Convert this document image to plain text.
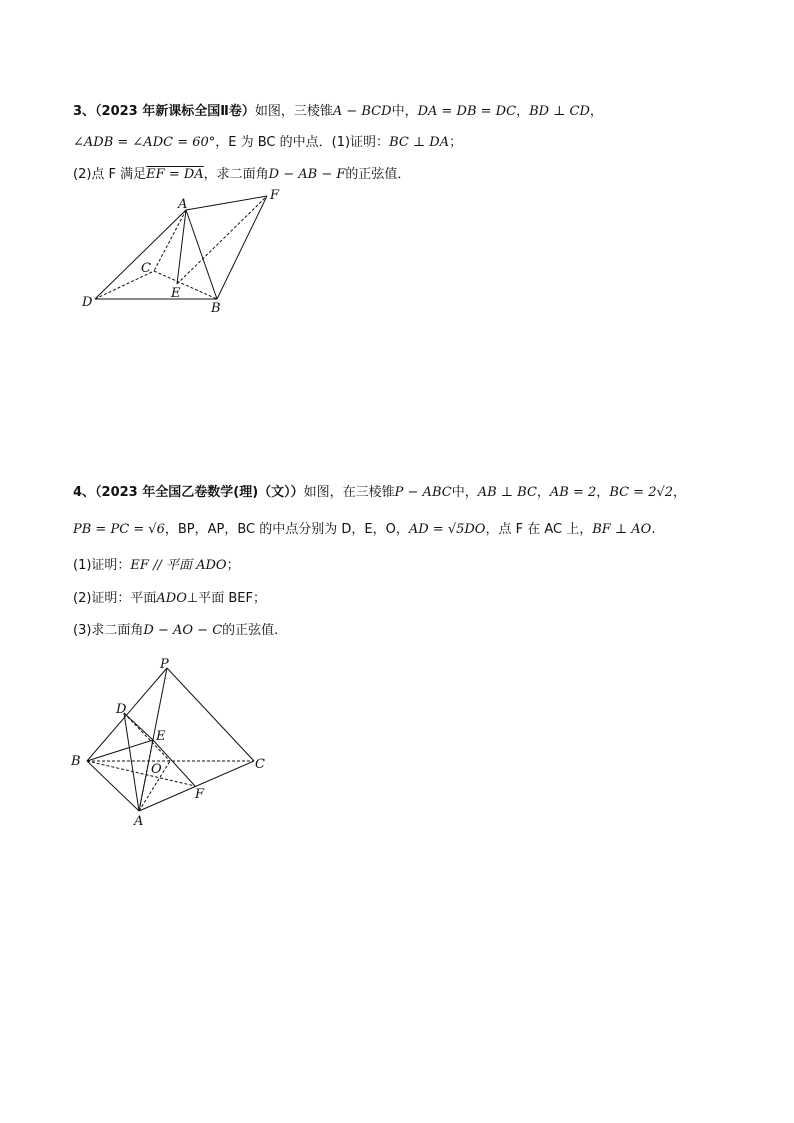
3、（2023 年新课标全国Ⅱ卷）如图，三棱锥A − BCD中，DA = DB = DC，BD ⊥ CD，
∠ADB = ∠ADC = 60°，E 为 BC 的中点．(1)证明：BC ⊥ DA；
(2)点 F 满足EF = DA，求二面角D − AB − F的正弦值．
A
F
C
E
D	B
4、（2023 年全国乙卷数学(理)（文））如图，在三棱锥P − ABC中，AB ⊥ BC，AB = 2，BC = 2√2，
PB = PC = √6，BP，AP，BC 的中点分别为 D，E，O，AD = √5DO，点 F 在 AC 上，BF ⊥ AO.
(1)证明：EF // 平面 ADO；
(2)证明：平面ADO⊥平面 BEF；
(3)求二面角D − AO − C的正弦值.
P
D
E
B
O	C
F
A
